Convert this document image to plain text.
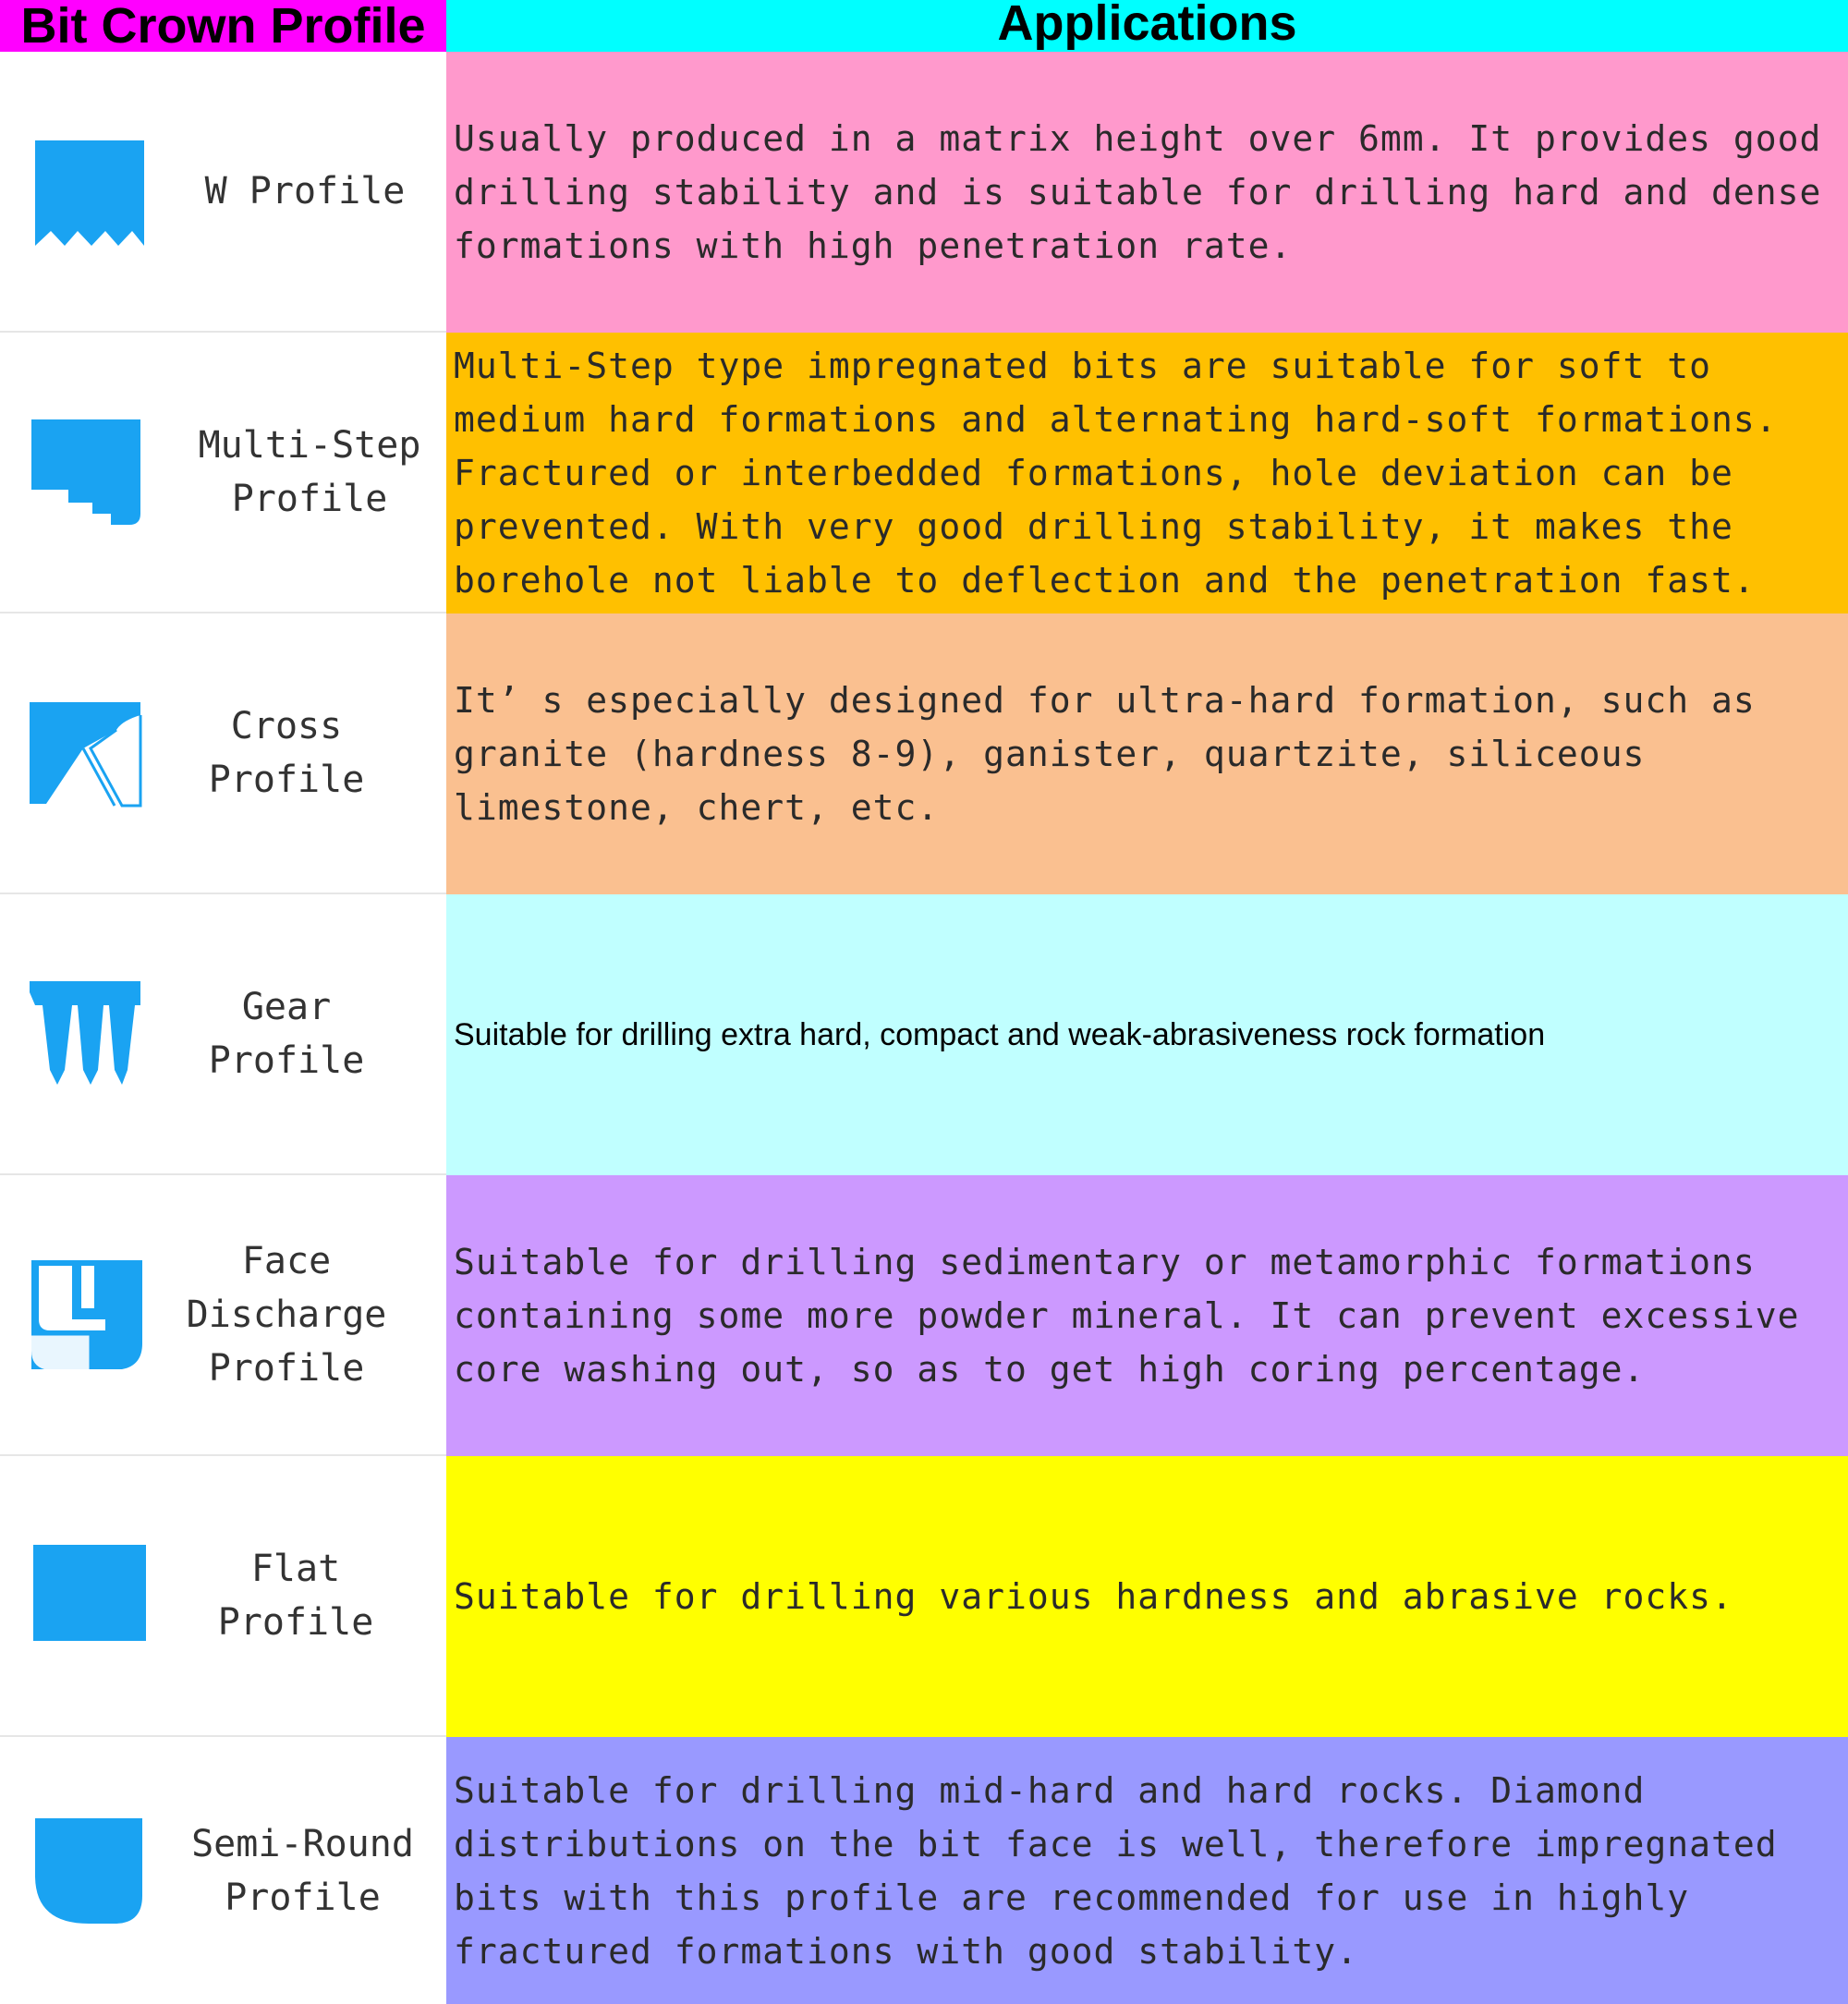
Bit Crown Profile	Applications
W Profile
Usually produced in a matrix height over 6mm. It provides good drilling stability and is suitable for drilling hard and dense formations with high penetration rate.
Multi-Step
Profile
Multi-Step type impregnated bits are suitable for soft to medium hard formations and alternating hard-soft formations. Fractured or interbedded formations, hole deviation can be prevented. With very good drilling stability, it makes the borehole not liable to deflection and the penetration fast.
Cross
Profile
It’ s especially designed for ultra-hard formation, such as granite (hardness 8-9), ganister, quartzite, siliceous limestone, chert, etc.
Gear
Profile
Suitable for drilling extra hard, compact and weak-abrasiveness rock formation
Face
Discharge
Profile
Suitable for drilling sedimentary or metamorphic formations containing some more powder mineral. It can prevent excessive core washing out, so as to get high coring percentage.
Flat
Profile
Suitable for drilling various hardness and abrasive rocks.
Semi-Round
Profile
Suitable for drilling mid-hard and hard rocks. Diamond distributions on the bit face is well, therefore impregnated bits with this profile are recommended for use in highly fractured formations with good stability.
